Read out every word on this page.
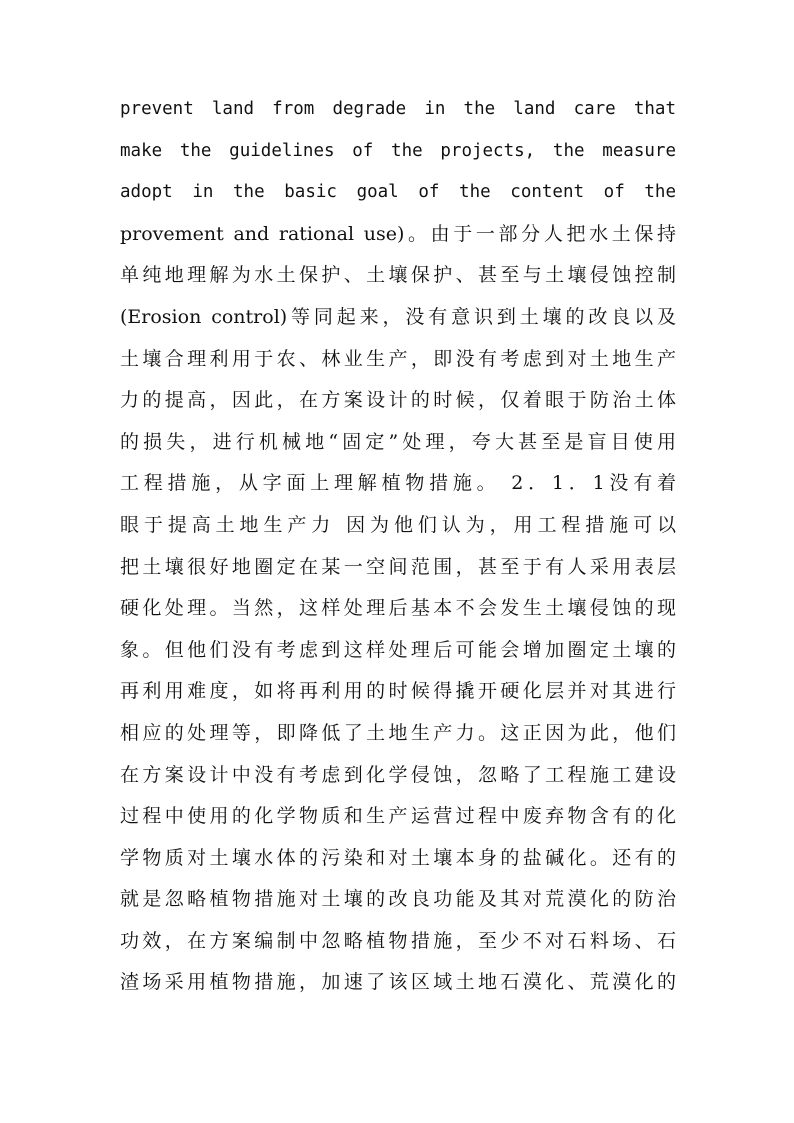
prevent land from degrade in the land care that
make the guidelines of the projects, the measure
adopt in the basic goal of the content of the
provement and rational use)。由于一部分人把水土保持
单纯地理解为水土保护、土壤保护、甚至与土壤侵蚀控制
(Erosion control)等同起来，没有意识到土壤的改良以及
土壤合理利用于农、林业生产，即没有考虑到对土地生产
力的提高，因此，在方案设计的时候，仅着眼于防治土体
的损失，进行机械地“固定”处理，夸大甚至是盲目使用
工程措施，从字面上理解植物措施。 2．1．1没有着
眼于提高土地生产力 因为他们认为，用工程措施可以
把土壤很好地圈定在某一空间范围，甚至于有人采用表层
硬化处理。当然，这样处理后基本不会发生土壤侵蚀的现
象。但他们没有考虑到这样处理后可能会增加圈定土壤的
再利用难度，如将再利用的时候得撬开硬化层并对其进行
相应的处理等，即降低了土地生产力。这正因为此，他们
在方案设计中没有考虑到化学侵蚀，忽略了工程施工建设
过程中使用的化学物质和生产运营过程中废弃物含有的化
学物质对土壤水体的污染和对土壤本身的盐碱化。还有的
就是忽略植物措施对土壤的改良功能及其对荒漠化的防治
功效，在方案编制中忽略植物措施，至少不对石料场、石
渣场采用植物措施，加速了该区域土地石漠化、荒漠化的
